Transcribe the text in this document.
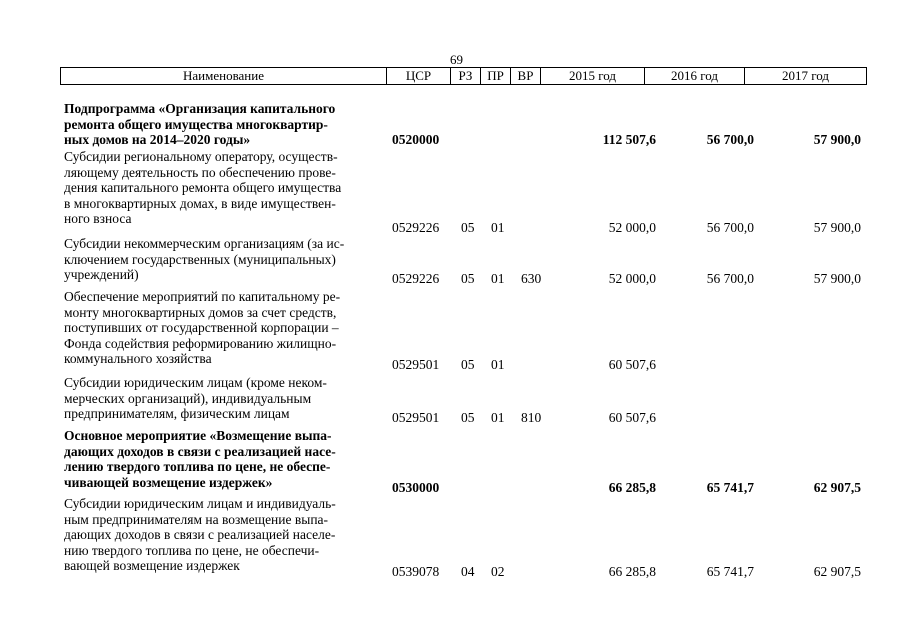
69
Наименование	ЦСР	РЗ	ПР	ВР	2015 год	2016 год	2017 год
Подпрограмма «Организация капитального
ремонта общего имущества многоквартир-
ных домов на 2014–2020 годы»	0520000	112 507,6	56 700,0	57 900,0
Субсидии региональному оператору, осуществ-
ляющему деятельность по обеспечению прове-
дения капитального ремонта общего имущества
в многоквартирных домах, в виде имуществен-
ного взноса
0529226 05 01	52 000,0	56 700,0	57 900,0
Субсидии некоммерческим организациям (за ис-
ключением государственных (муниципальных)
учреждений)	0529226 05 01 630	52 000,0	56 700,0	57 900,0
Обеспечение мероприятий по капитальному ре-
монту многоквартирных домов за счет средств,
поступивших от государственной корпорации –
Фонда содействия реформированию жилищно-
коммунального хозяйства	0529501 05 01	60 507,6
Субсидии юридическим лицам (кроме неком-
мерческих организаций), индивидуальным
предпринимателям, физическим лицам	0529501 05 01 810	60 507,6
Основное мероприятие «Возмещение выпа-
дающих доходов в связи с реализацией насе-
лению твердого топлива по цене, не обеспе-
чивающей возмещение издержек»	0530000	66 285,8	65 741,7	62 907,5
Субсидии юридическим лицам и индивидуаль-
ным предпринимателям на возмещение выпа-
дающих доходов в связи с реализацией населе-
нию твердого топлива по цене, не обеспечи-
вающей возмещение издержек	0539078 04 02	66 285,8	65 741,7	62 907,5
